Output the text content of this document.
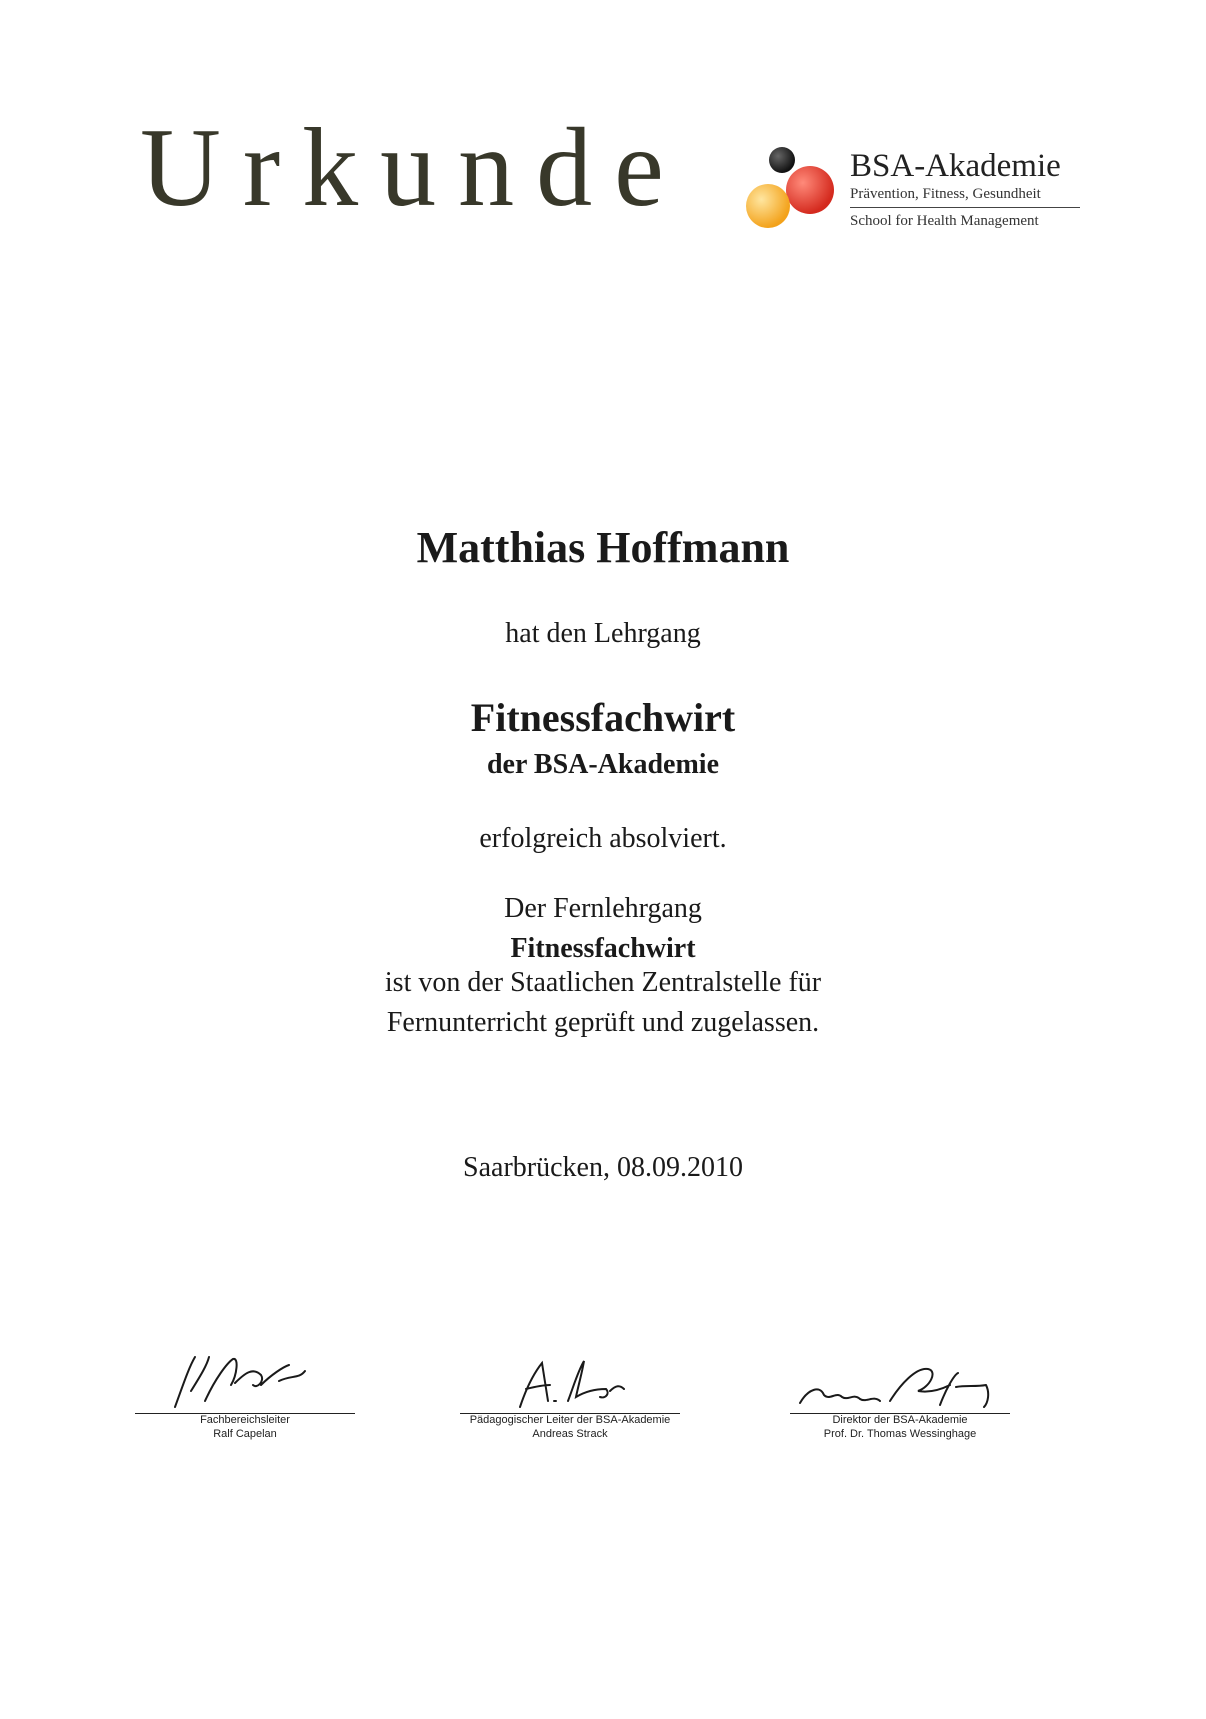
Urkunde	BSA-Akademie
Prävention, Fitness, Gesundheit
School for Health Management
Matthias Hoffmann
hat den Lehrgang
Fitnessfachwirt
der BSA-Akademie
erfolgreich absolviert.
Der Fernlehrgang
Fitnessfachwirt
ist von der Staatlichen Zentralstelle für
Fernunterricht geprüft und zugelassen.
Saarbrücken, 08.09.2010
Fachbereichsleiter
Ralf Capelan
Pädagogischer Leiter der BSA-Akademie
Andreas Strack
Direktor der BSA-Akademie
Prof. Dr. Thomas Wessinghage
